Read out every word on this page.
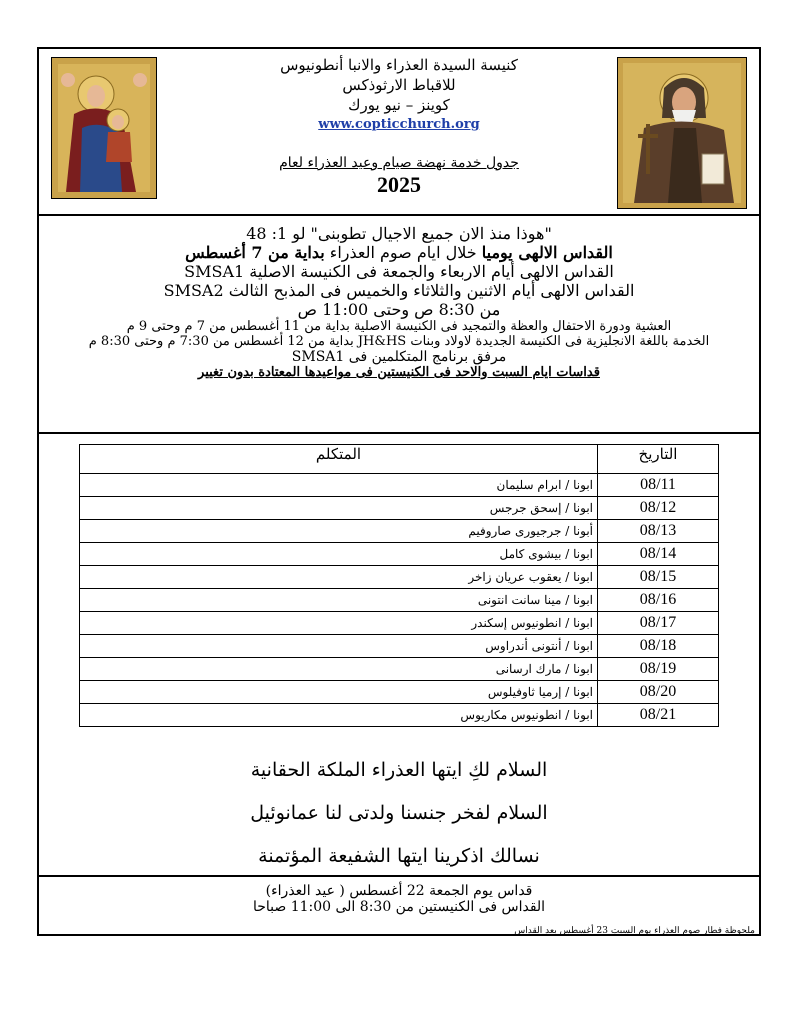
كنيسة السيدة العذراء والانبا أنطونيوس
للاقباط الارثوذكس
كوينز – نيو يورك
www.copticchurch.org
جدول خدمة نهضة صيام وعيد العذراء لعام
2025
"هوذا منذ الان جميع الاجيال تطوبنى" لو 1: 48
القداس الالهى يوميا خلال ايام صوم العذراء بداية من 7 أغسطس
القداس الالهى أيام الاربعاء والجمعة فى الكنيسة الاصلية SMSA1
القداس الالهى أيام الاثنين والثلاثاء والخميس فى المذبح الثالث SMSA2
من 8:30 ص وحتى 11:00 ص
العشية ودورة الاحتفال والعظة والتمجيد فى الكنيسة الاصلية بداية من 11 أغسطس من 7 م وحتى 9 م
الخدمة باللغة الانجليزية فى الكنيسة الجديدة لاولاد وبنات JH&HS بداية من 12 أغسطس من 7:30 م وحتى 8:30 م
مرفق برنامج المتكلمين فى SMSA1
قداسات ايام السبت والاحد فى الكنيستين فى مواعيدها المعتادة بدون تغيير
التاريخ	المتكلم
08/11	ابونا / ابرام سليمان
08/12	ابونا / إسحق جرجس
08/13	أبونا / جرجيورى صاروفيم
08/14	ابونا / بيشوى كامل
08/15	ابونا / يعقوب عريان زاخر
08/16	ابونا / مينا سانت انتونى
08/17	ابونا / انطونيوس إسكندر
08/18	ابونا / أنتونى أندراوس
08/19	ابونا / مارك ارسانى
08/20	ابونا / إرميا ثاوفيلوس
08/21	ابونا / انطونيوس مكاريوس
السلام لكِ ايتها العذراء الملكة الحقانية
السلام لفخر جنسنا ولدتى لنا عمانوئيل
نسالك اذكرينا ايتها الشفيعة المؤتمنة
قداس يوم الجمعة 22 أغسطس ( عيد العذراء)
القداس فى الكنيستين من 8:30 الى 11:00 صباحا
ملحوظة فطار صوم العذراء يوم السبت 23 أغسطس بعد القداس
